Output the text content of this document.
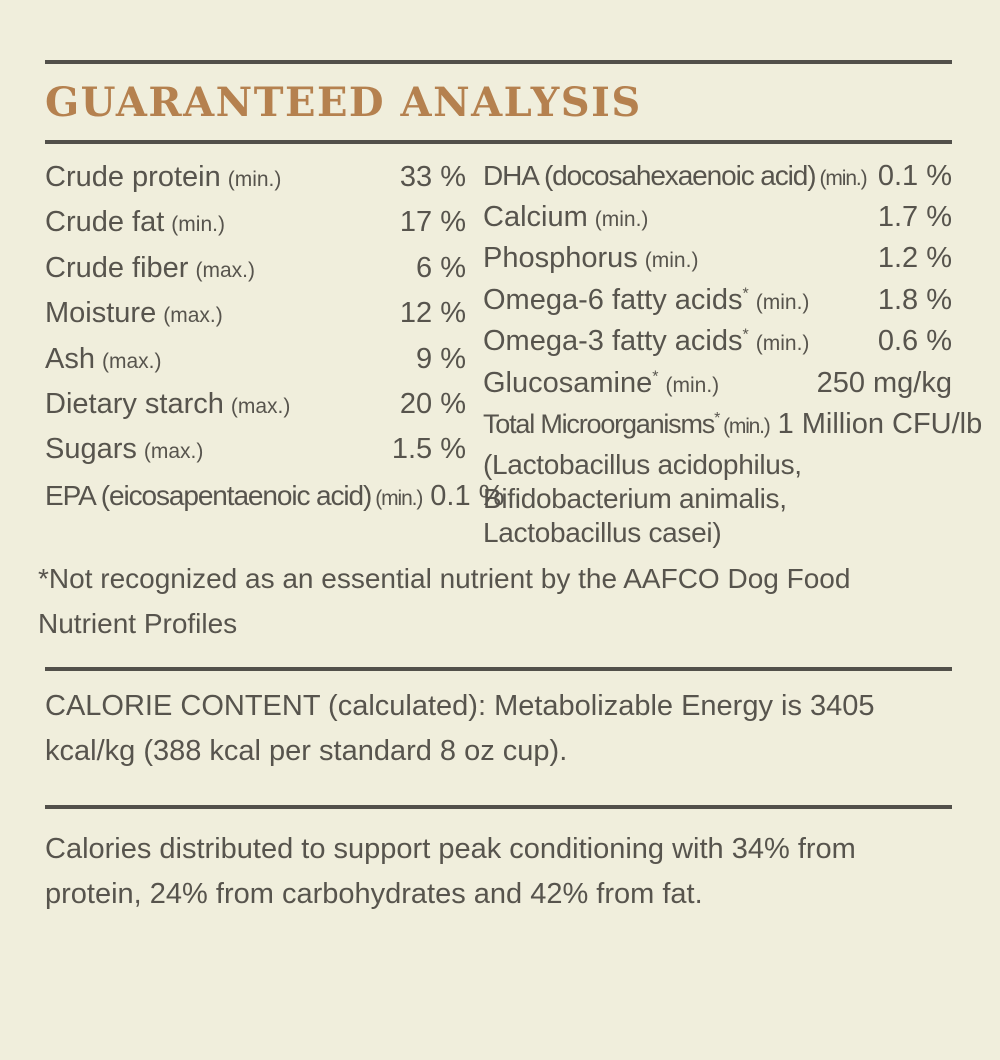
GUARANTEED ANALYSIS
Crude protein (min.)	33 %
Crude fat (min.)	17 %
Crude fiber (max.)	6 %
Moisture (max.)	12 %
Ash (max.)	9 %
Dietary starch (max.)	20 %
Sugars (max.)	1.5 %
EPA (eicosapentaenoic acid) (min.) 0.1 %
DHA (docosahexaenoic acid) (min.) 0.1 %
Calcium (min.)	1.7 %
Phosphorus (min.)	1.2 %
Omega-6 fatty acids* (min.) 1.8 %
Omega-3 fatty acids* (min.) 0.6 %
Glucosamine* (min.)	250 mg/kg
Total Microorganisms* (min.) 1 Million CFU/lb
(Lactobacillus acidophilus, Bifidobacterium animalis, Lactobacillus casei)
*Not recognized as an essential nutrient by the AAFCO Dog Food Nutrient Profiles
CALORIE CONTENT (calculated): Metabolizable Energy is 3405 kcal/kg (388 kcal per standard 8 oz cup).
Calories distributed to support peak conditioning with 34% from protein, 24% from carbohydrates and 42% from fat.
